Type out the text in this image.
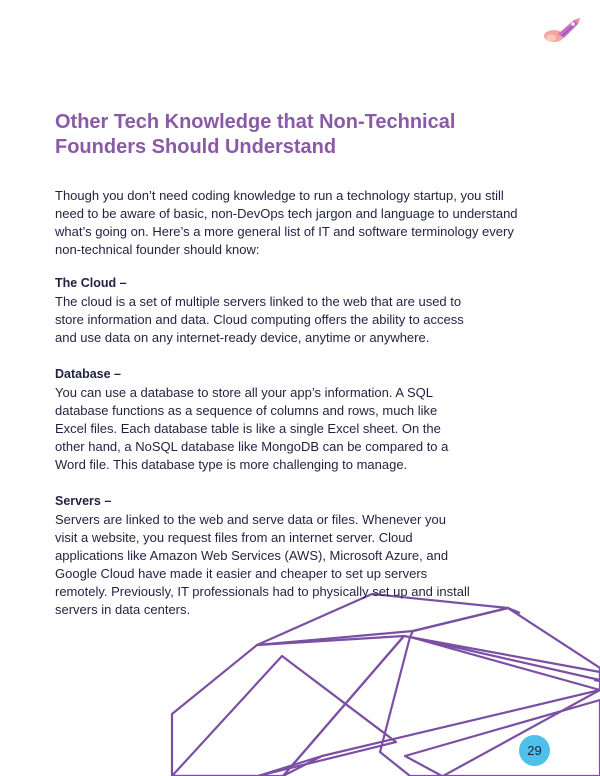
Other Tech Knowledge that Non-Technical Founders Should Understand

Though you don’t need coding knowledge to run a technology startup, you still need to be aware of basic, non-DevOps tech jargon and language to understand what’s going on. Here’s a more general list of IT and software terminology every non-technical founder should know:

The Cloud –

The cloud is a set of multiple servers linked to the web that are used to store information and data. Cloud computing offers the ability to access and use data on any internet-ready device, anytime or anywhere.

Database –

You can use a database to store all your app’s information. A SQL database functions as a sequence of columns and rows, much like Excel files. Each database table is like a single Excel sheet. On the other hand, a NoSQL database like MongoDB can be compared to a Word file. This database type is more challenging to manage.

Servers –

Servers are linked to the web and serve data or files. Whenever you visit a website, you request files from an internet server. Cloud applications like Amazon Web Services (AWS), Microsoft Azure, and Google Cloud have made it easier and cheaper to set up servers remotely. Previously, IT professionals had to physically set up and install servers in data centers.

29
